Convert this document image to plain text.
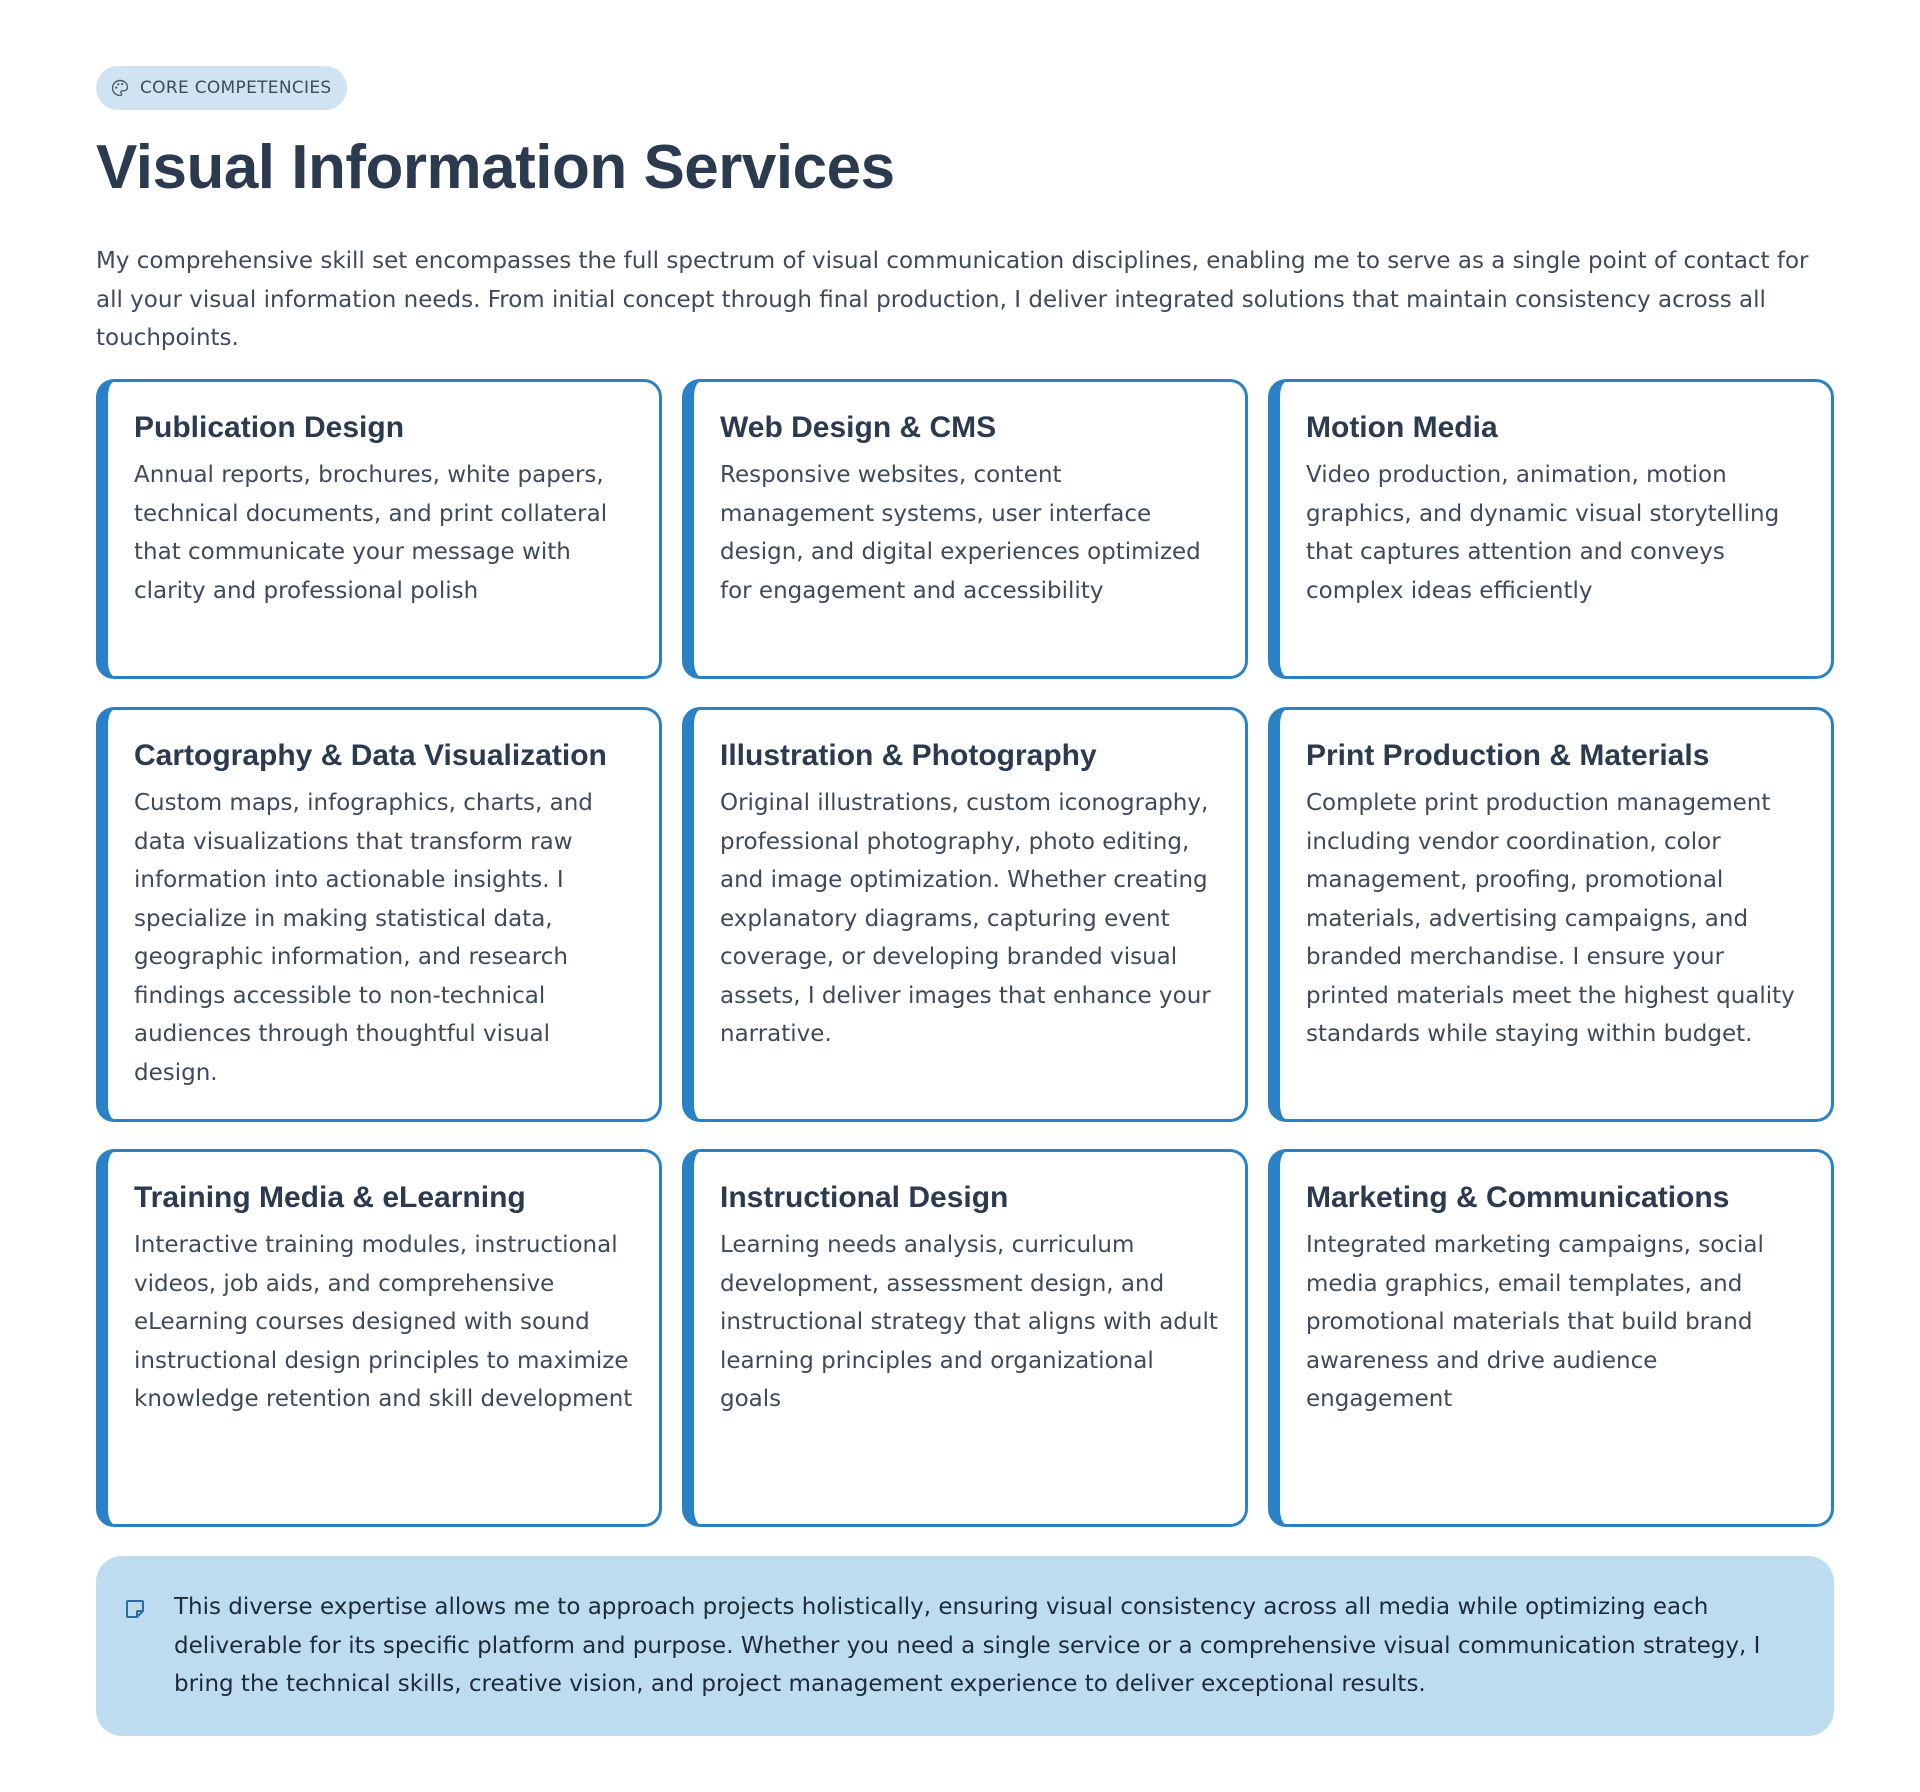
CORE COMPETENCIES
Visual Information Services

My comprehensive skill set encompasses the full spectrum of visual communication disciplines, enabling me to serve as a single point of contact for all your visual information needs. From initial concept through final production, I deliver integrated solutions that maintain consistency across all touchpoints.

Publication Design

Annual reports, brochures, white papers, technical documents, and print collateral that communicate your message with clarity and professional polish

Web Design & CMS

Responsive websites, content management systems, user interface design, and digital experiences optimized for engagement and accessibility

Motion Media

Video production, animation, motion graphics, and dynamic visual storytelling that captures attention and conveys complex ideas efficiently

Cartography & Data Visualization

Custom maps, infographics, charts, and data visualizations that transform raw information into actionable insights. I specialize in making statistical data, geographic information, and research findings accessible to non-technical audiences through thoughtful visual design.

Illustration & Photography

Original illustrations, custom iconography, professional photography, photo editing, and image optimization. Whether creating explanatory diagrams, capturing event coverage, or developing branded visual assets, I deliver images that enhance your narrative.

Print Production & Materials

Complete print production management including vendor coordination, color management, proofing, promotional materials, advertising campaigns, and branded merchandise. I ensure your printed materials meet the highest quality standards while staying within budget.

Training Media & eLearning

Interactive training modules, instructional videos, job aids, and comprehensive eLearning courses designed with sound instructional design principles to maximize knowledge retention and skill development

Instructional Design

Learning needs analysis, curriculum development, assessment design, and instructional strategy that aligns with adult learning principles and organizational goals

Marketing & Communications

Integrated marketing campaigns, social media graphics, email templates, and promotional materials that build brand awareness and drive audience engagement

This diverse expertise allows me to approach projects holistically, ensuring visual consistency across all media while optimizing each deliverable for its specific platform and purpose. Whether you need a single service or a comprehensive visual communication strategy, I bring the technical skills, creative vision, and project management experience to deliver exceptional results.
